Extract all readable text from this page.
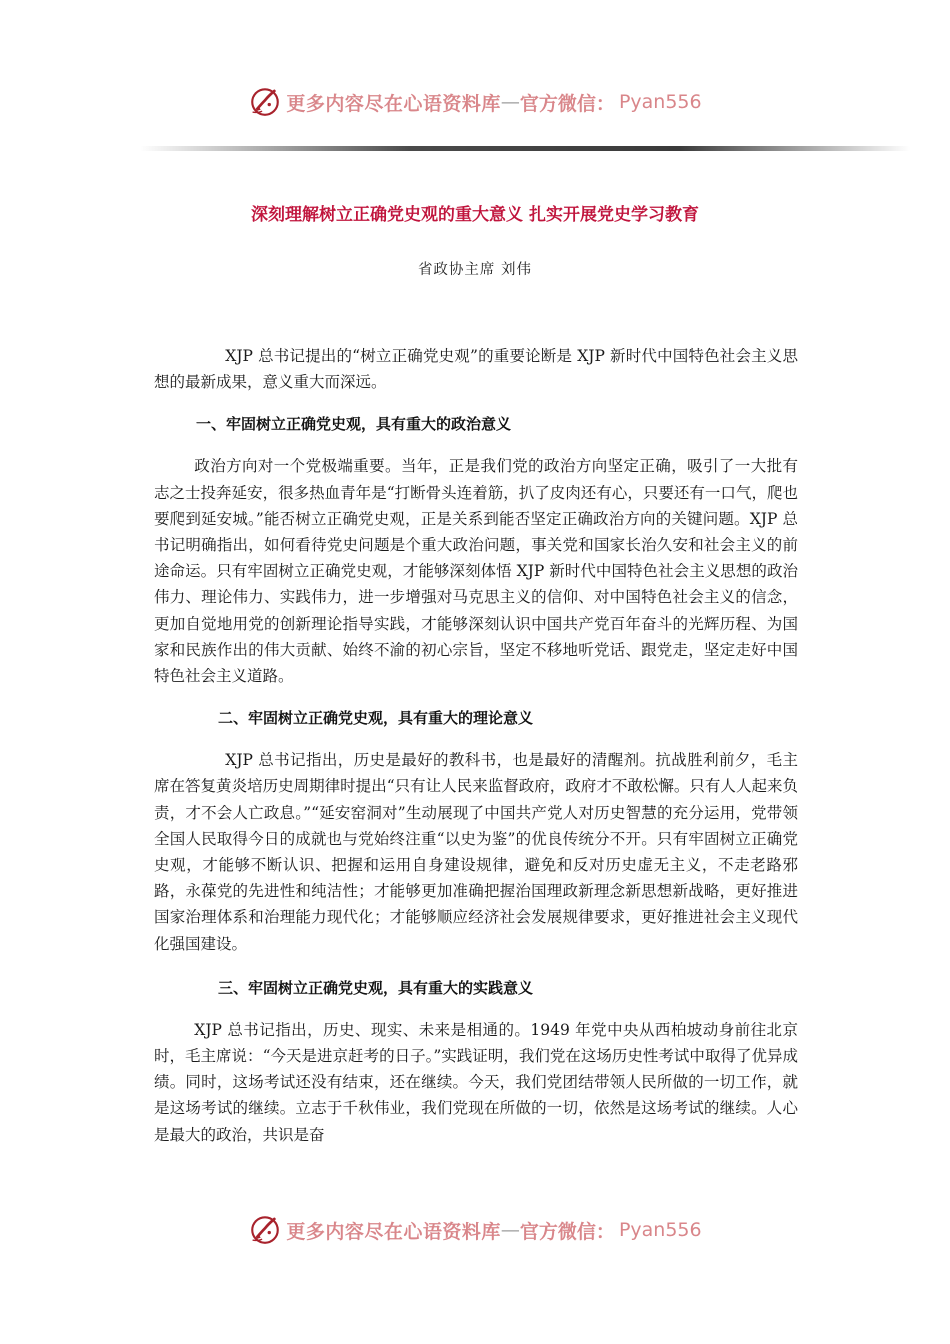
更多内容尽在心语资料库 — 官方微信： Pyan556
深刻理解树立正确党史观的重大意义 扎实开展党史学习教育

省政协主席 刘伟

XJP 总书记提出的“树立正确党史观”的重要论断是 XJP 新时代中国特色社会主义思想的最新成果，意义重大而深远。

一、牢固树立正确党史观，具有重大的政治意义

政治方向对一个党极端重要。当年，正是我们党的政治方向坚定正确，吸引了一大批有志之士投奔延安，很多热血青年是“打断骨头连着筋，扒了皮肉还有心，只要还有一口气，爬也要爬到延安城。”能否树立正确党史观，正是关系到能否坚定正确政治方向的关键问题。XJP 总书记明确指出，如何看待党史问题是个重大政治问题，事关党和国家长治久安和社会主义的前途命运。只有牢固树立正确党史观，才能够深刻体悟 XJP 新时代中国特色社会主义思想的政治伟力、理论伟力、实践伟力，进一步增强对马克思主义的信仰、对中国特色社会主义的信念，更加自觉地用党的创新理论指导实践，才能够深刻认识中国共产党百年奋斗的光辉历程、为国家和民族作出的伟大贡献、始终不渝的初心宗旨，坚定不移地听党话、跟党走，坚定走好中国特色社会主义道路。

二、牢固树立正确党史观，具有重大的理论意义

XJP 总书记指出，历史是最好的教科书，也是最好的清醒剂。抗战胜利前夕，毛主席在答复黄炎培历史周期律时提出“只有让人民来监督政府，政府才不敢松懈。只有人人起来负责，才不会人亡政息。”“延安窑洞对”生动展现了中国共产党人对历史智慧的充分运用，党带领全国人民取得今日的成就也与党始终注重“以史为鉴”的优良传统分不开。只有牢固树立正确党史观，才能够不断认识、把握和运用自身建设规律，避免和反对历史虚无主义，不走老路邪路，永葆党的先进性和纯洁性；才能够更加准确把握治国理政新理念新思想新战略，更好推进国家治理体系和治理能力现代化；才能够顺应经济社会发展规律要求，更好推进社会主义现代化强国建设。

三、牢固树立正确党史观，具有重大的实践意义

XJP 总书记指出，历史、现实、未来是相通的。1949 年党中央从西柏坡动身前往北京时，毛主席说：“今天是进京赶考的日子。”实践证明，我们党在这场历史性考试中取得了优异成绩。同时，这场考试还没有结束，还在继续。今天，我们党团结带领人民所做的一切工作，就是这场考试的继续。立志于千秋伟业，我们党现在所做的一切，依然是这场考试的继续。人心是最大的政治，共识是奋

更多内容尽在心语资料库 — 官方微信： Pyan556
